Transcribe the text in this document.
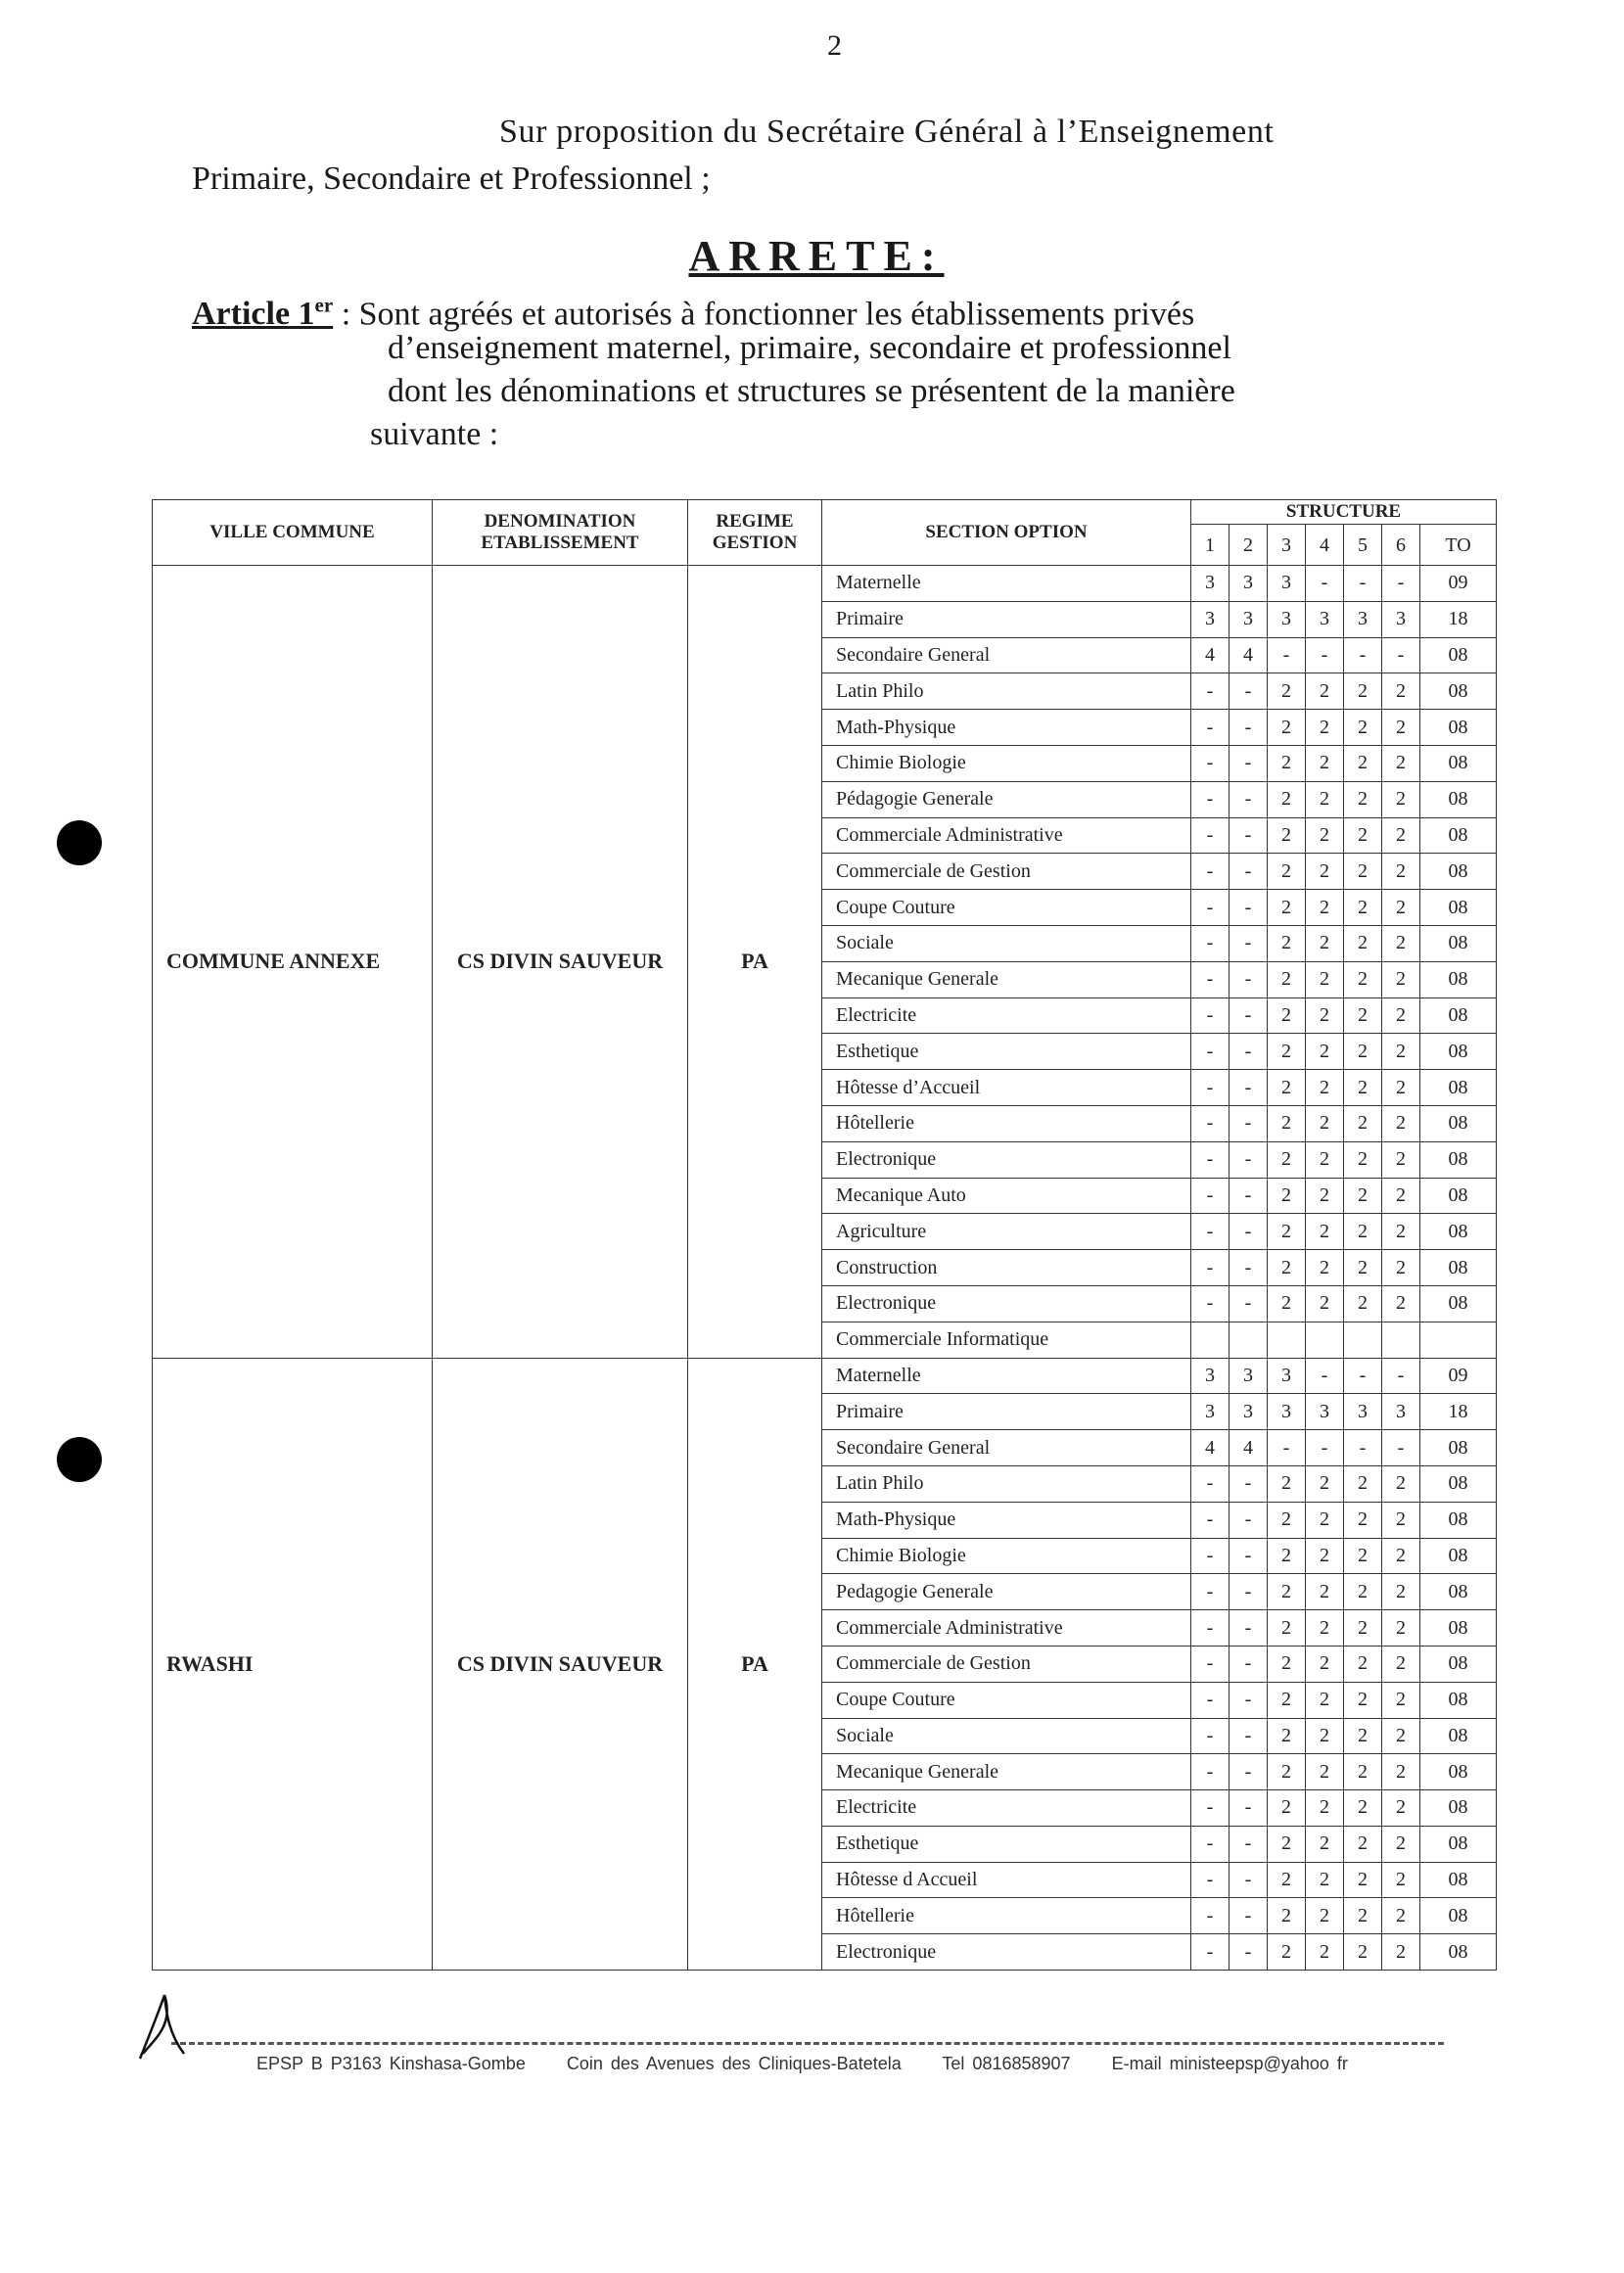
2
Sur proposition du Secrétaire Général à l’Enseignement
Primaire, Secondaire et Professionnel ;
ARRETE:
Article 1er : Sont agréés et autorisés à fonctionner les établissements privés
d’enseignement maternel, primaire, secondaire et professionnel
dont les dénominations et structures se présentent de la manière
suivante :
VILLE COMMUNE	DENOMINATION ETABLISSEMENT	REGIME GESTION	SECTION OPTION	STRUCTURE						
				1	2	3	4	5	6	TO
COMMUNE ANNEXE	CS DIVIN SAUVEUR	PA	Maternelle	3	3	3	-	-	-	09
			Primaire	3	3	3	3	3	3	18
			Secondaire General	4	4	-	-	-	-	08
			Latin Philo	-	-	2	2	2	2	08
			Math-Physique	-	-	2	2	2	2	08
			Chimie Biologie	-	-	2	2	2	2	08
			Pédagogie Generale	-	-	2	2	2	2	08
			Commerciale Administrative	-	-	2	2	2	2	08
			Commerciale de Gestion	-	-	2	2	2	2	08
			Coupe Couture	-	-	2	2	2	2	08
			Sociale	-	-	2	2	2	2	08
			Mecanique Generale	-	-	2	2	2	2	08
			Electricite	-	-	2	2	2	2	08
			Esthetique	-	-	2	2	2	2	08
			Hôtesse d’Accueil	-	-	2	2	2	2	08
			Hôtellerie	-	-	2	2	2	2	08
			Electronique	-	-	2	2	2	2	08
			Mecanique Auto	-	-	2	2	2	2	08
			Agriculture	-	-	2	2	2	2	08
			Construction	-	-	2	2	2	2	08
			Electronique	-	-	2	2	2	2	08
			Commerciale Informatique							
RWASHI	CS DIVIN SAUVEUR	PA	Maternelle	3	3	3	-	-	-	09
			Primaire	3	3	3	3	3	3	18
			Secondaire General	4	4	-	-	-	-	08
			Latin Philo	-	-	2	2	2	2	08
			Math-Physique	-	-	2	2	2	2	08
			Chimie Biologie	-	-	2	2	2	2	08
			Pedagogie Generale	-	-	2	2	2	2	08
			Commerciale Administrative	-	-	2	2	2	2	08
			Commerciale de Gestion	-	-	2	2	2	2	08
			Coupe Couture	-	-	2	2	2	2	08
			Sociale	-	-	2	2	2	2	08
			Mecanique Generale	-	-	2	2	2	2	08
			Electricite	-	-	2	2	2	2	08
			Esthetique	-	-	2	2	2	2	08
			Hôtesse d Accueil	-	-	2	2	2	2	08
			Hôtellerie	-	-	2	2	2	2	08
			Electronique	-	-	2	2	2	2	08
EPSP B P3163 Kinshasa-Gombe Coin des Avenues des Cliniques-Batetela Tel 0816858907 E-mail ministeepsp@yahoo fr
